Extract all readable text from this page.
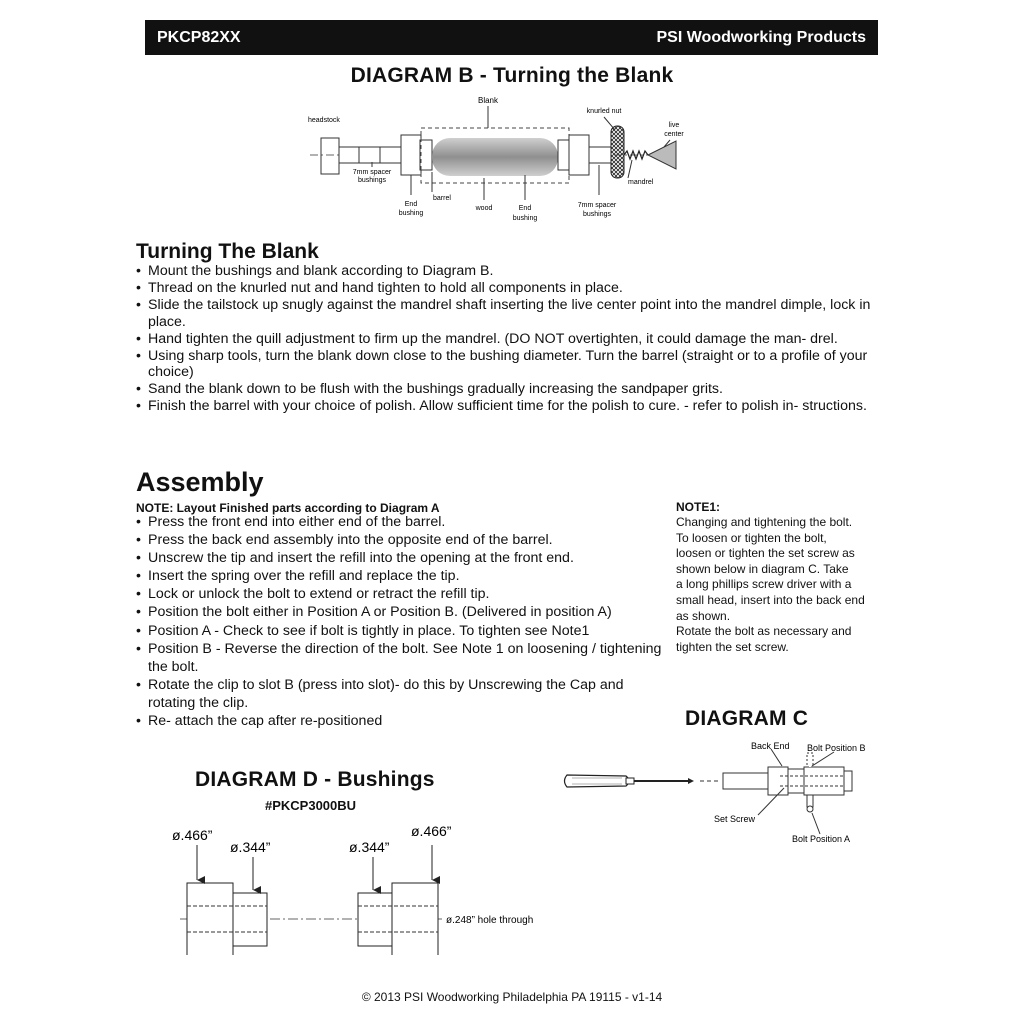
PKCP82XX	PSI Woodworking Products
DIAGRAM B - Turning the Blank
Blank
headstock
knurled nut
live
center
7mm spacer
bushings
End
bushing
barrel
wood	End
bushing
7mm spacer
bushings
mandrel
Turning The Blank
• Mount the bushings and blank according to Diagram B.
• Thread on the knurled nut and hand tighten to hold all components in place.
• Slide the tailstock up snugly against the mandrel shaft inserting the live center point into the mandrel dimple, lock in place.
• Hand tighten the quill adjustment to firm up the mandrel. (DO NOT overtighten, it could damage the man- drel.
• Using sharp tools, turn the blank down close to the bushing diameter. Turn the barrel (straight or to a profile of your choice)
• Sand the blank down to be flush with the bushings gradually increasing the sandpaper grits.
• Finish the barrel with your choice of polish. Allow sufficient time for the polish to cure. - refer to polish in- structions.
Assembly
NOTE: Layout Finished parts according to Diagram A
• Press the front end into either end of the barrel.
• Press the back end assembly into the opposite end of the barrel.
• Unscrew the tip and insert the refill into the opening at the front end.
• Insert the spring over the refill and replace the tip.
• Lock or unlock the bolt to extend or retract the refill tip.
• Position the bolt either in Position A or Position B. (Delivered in position A)
• Position A - Check to see if bolt is tightly in place. To tighten see Note1
• Position B - Reverse the direction of the bolt. See Note 1 on loosening / tightening the bolt.
• Rotate the clip to slot B (press into slot)- do this by Unscrewing the Cap and rotating the clip.
• Re- attach the cap after re-positioned
NOTE1:
Changing and tightening the bolt.
To loosen or tighten the bolt,
loosen or tighten the set screw as
shown below in diagram C. Take
a long phillips screw driver with a
small head, insert into the back end
as shown.
Rotate the bolt as necessary and
tighten the set screw.
DIAGRAM C
Back End Bolt Position B
Set Screw
Bolt Position A
DIAGRAM D - Bushings
#PKCP3000BU
ø.466”
ø.344”	ø.344”
ø.466”
ø.248” hole through
© 2013 PSI Woodworking Philadelphia PA 19115 - v1-14
